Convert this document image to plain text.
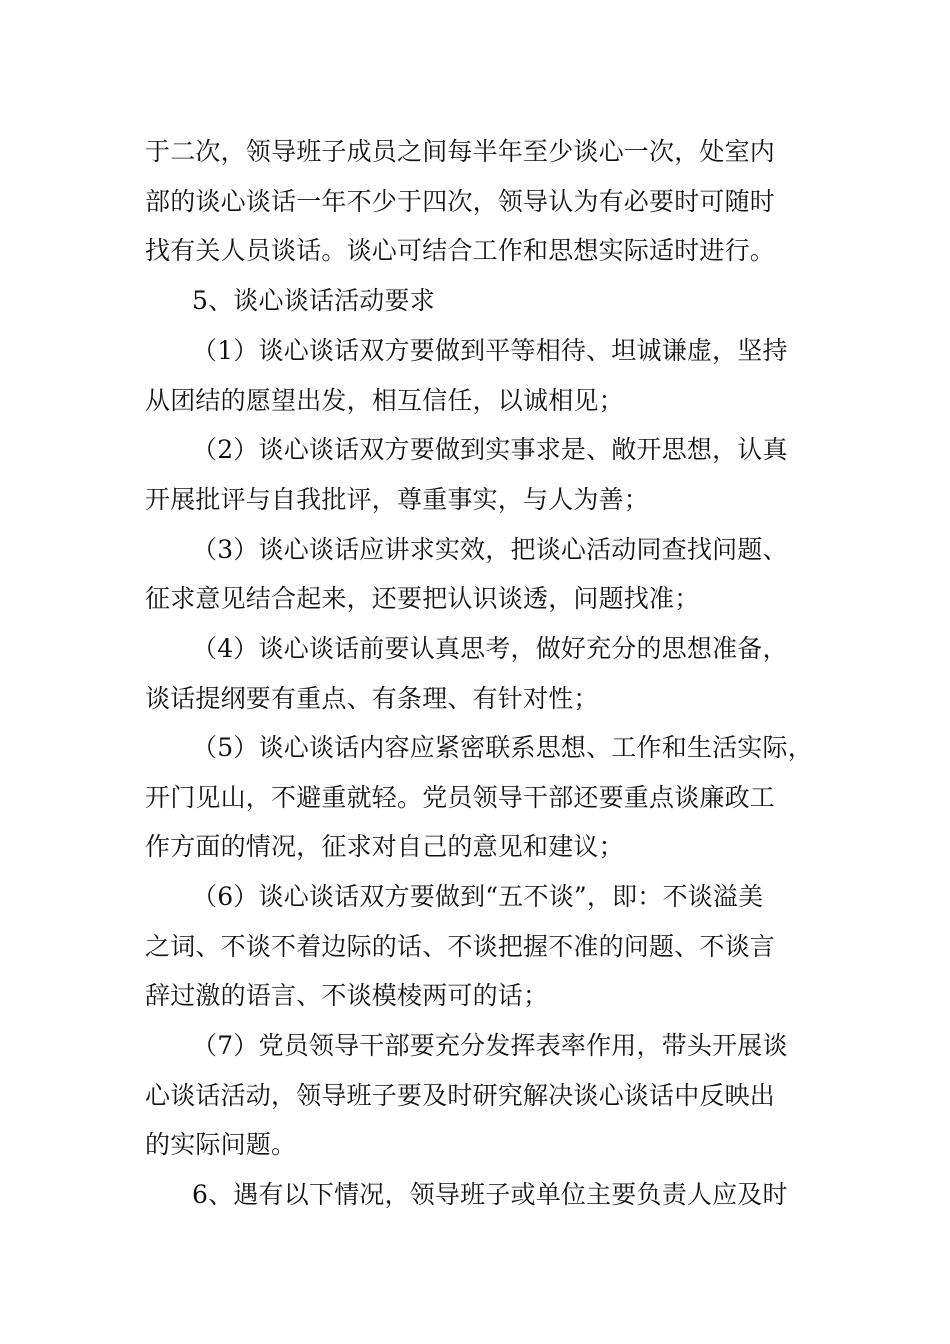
于二次，领导班子成员之间每半年至少谈心一次，处室内
部的谈心谈话一年不少于四次，领导认为有必要时可随时
找有关人员谈话。谈心可结合工作和思想实际适时进行。
5、谈心谈话活动要求
（1）谈心谈话双方要做到平等相待、坦诚谦虚，坚持
从团结的愿望出发，相互信任，以诚相见；
（2）谈心谈话双方要做到实事求是、敞开思想，认真
开展批评与自我批评，尊重事实，与人为善；
（3）谈心谈话应讲求实效，把谈心活动同查找问题、
征求意见结合起来，还要把认识谈透，问题找准；
（4）谈心谈话前要认真思考，做好充分的思想准备，
谈话提纲要有重点、有条理、有针对性；
（5）谈心谈话内容应紧密联系思想、工作和生活实际，
开门见山，不避重就轻。党员领导干部还要重点谈廉政工
作方面的情况，征求对自己的意见和建议；
（6）谈心谈话双方要做到“五不谈”，即：不谈溢美
之词、不谈不着边际的话、不谈把握不准的问题、不谈言
辞过激的语言、不谈模棱两可的话；
（7）党员领导干部要充分发挥表率作用，带头开展谈
心谈话活动，领导班子要及时研究解决谈心谈话中反映出
的实际问题。
6、遇有以下情况，领导班子或单位主要负责人应及时
